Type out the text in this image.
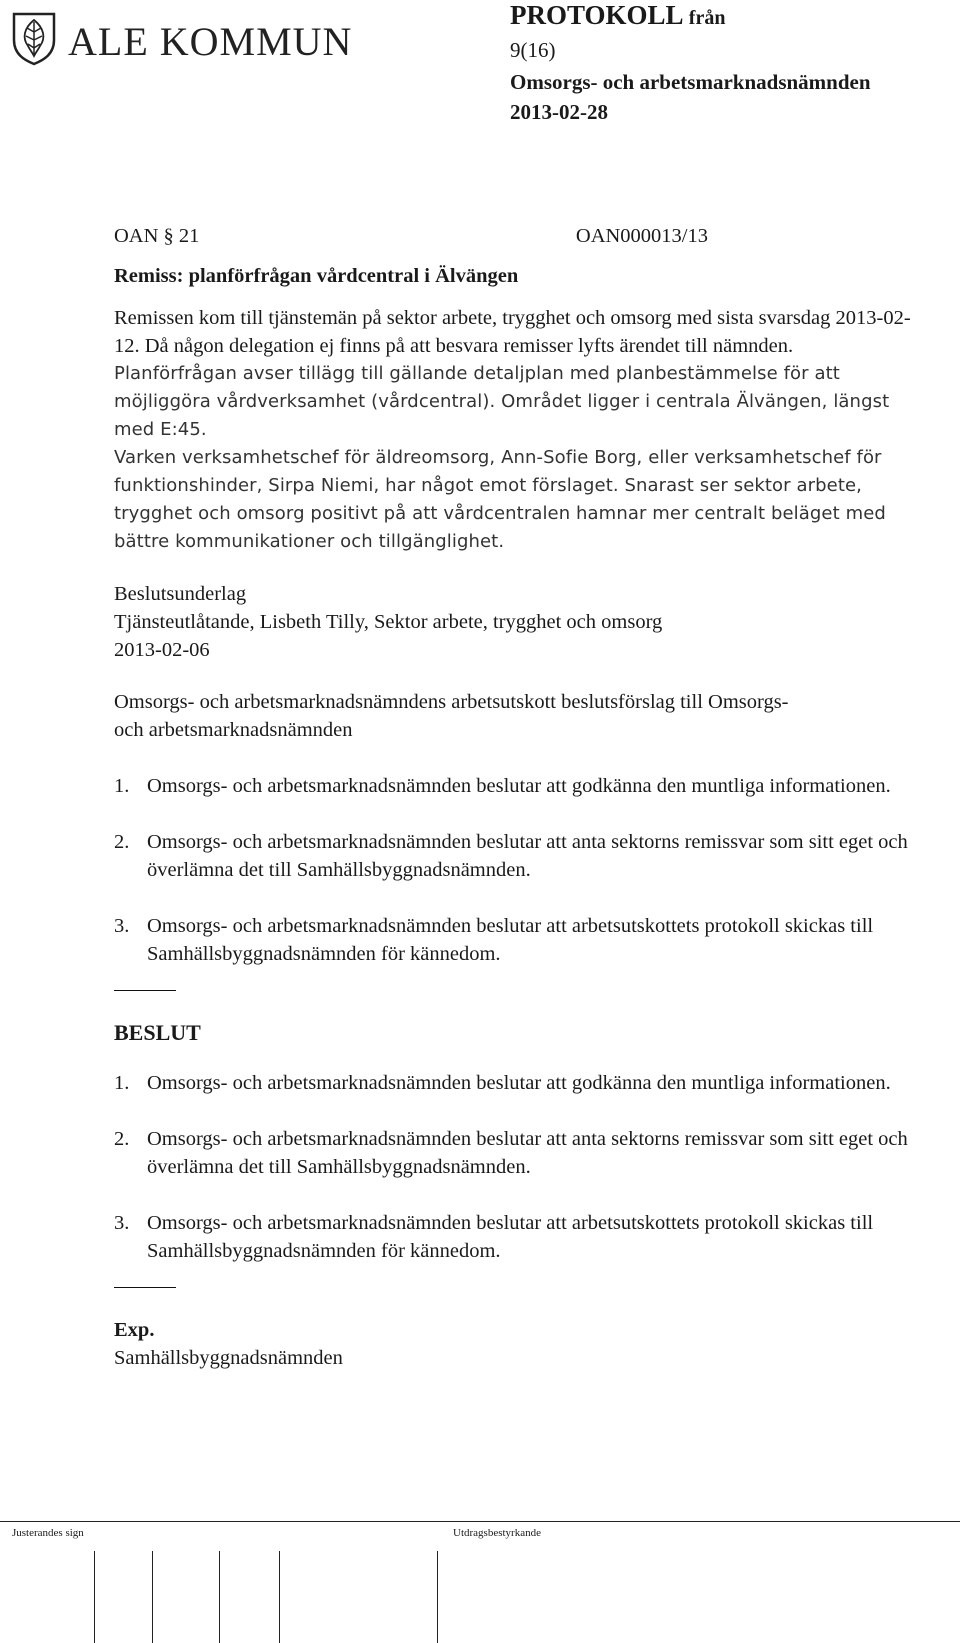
ALE KOMMUN
PROTOKOLL från
9(16)
Omsorgs- och arbetsmarknadsnämnden
2013-02-28
OAN § 21	OAN000013/13

Remiss: planförfrågan vårdcentral i Älvängen

Remissen kom till tjänstemän på sektor arbete, trygghet och omsorg med sista svarsdag 2013-02-12. Då någon delegation ej finns på att besvara remisser lyfts ärendet till nämnden.

Planförfrågan avser tillägg till gällande detaljplan med planbestämmelse för att möjliggöra vårdverksamhet (vårdcentral). Området ligger i centrala Älvängen, längst med E:45.

Varken verksamhetschef för äldreomsorg, Ann-Sofie Borg, eller verksamhetschef för funktionshinder, Sirpa Niemi, har något emot förslaget. Snarast ser sektor arbete, trygghet och omsorg positivt på att vårdcentralen hamnar mer centralt beläget med bättre kommunikationer och tillgänglighet.

Beslutsunderlag

Tjänsteutlåtande, Lisbeth Tilly, Sektor arbete, trygghet och omsorg

2013-02-06

Omsorgs- och arbetsmarknadsnämndens arbetsutskott beslutsförslag till Omsorgs- och arbetsmarknadsnämnden

1. Omsorgs- och arbetsmarknadsnämnden beslutar att godkänna den muntliga informationen.
2. Omsorgs- och arbetsmarknadsnämnden beslutar att anta sektorns remissvar som sitt eget och överlämna det till Samhällsbyggnadsnämnden.
3. Omsorgs- och arbetsmarknadsnämnden beslutar att arbetsutskottets protokoll skickas till Samhällsbyggnadsnämnden för kännedom.
BESLUT
1. Omsorgs- och arbetsmarknadsnämnden beslutar att godkänna den muntliga informationen.
2. Omsorgs- och arbetsmarknadsnämnden beslutar att anta sektorns remissvar som sitt eget och överlämna det till Samhällsbyggnadsnämnden.
3. Omsorgs- och arbetsmarknadsnämnden beslutar att arbetsutskottets protokoll skickas till Samhällsbyggnadsnämnden för kännedom.

Exp.

Samhällsbyggnadsnämnden

Justerandes sign	Utdragsbestyrkande
